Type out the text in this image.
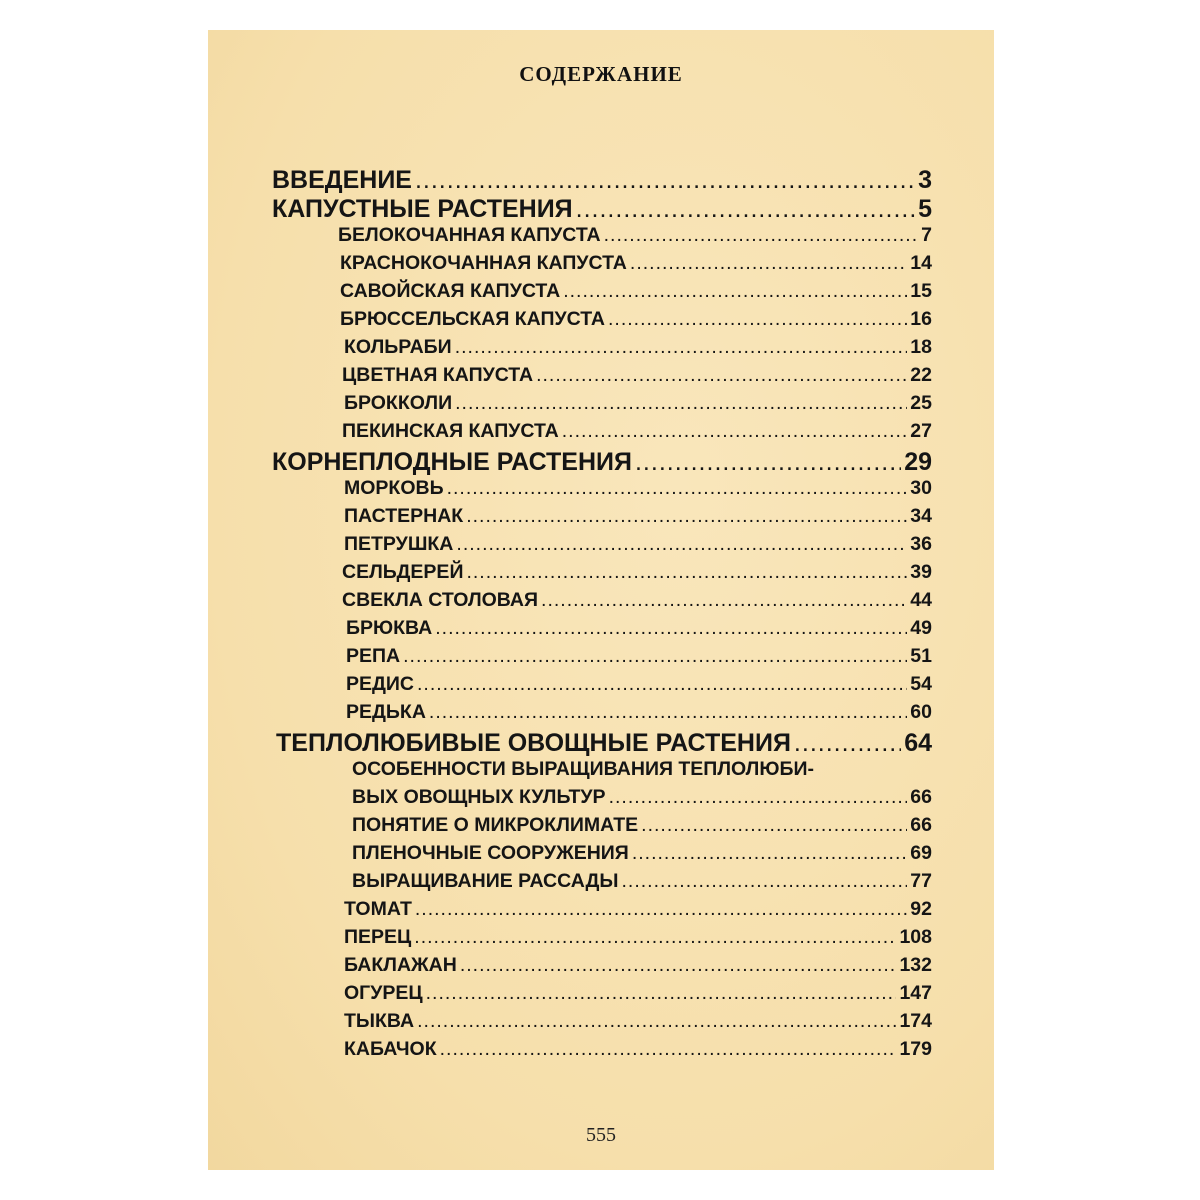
СОДЕРЖАНИЕ
ВВЕДЕНИЕ .....	3
КАПУСТНЫЕ РАСТЕНИЯ .....	5
БЕЛОКОЧАННАЯ КАПУСТА .....	7
КРАСНОКОЧАННАЯ КАПУСТА .....	14
САВОЙСКАЯ КАПУСТА .....	15
БРЮССЕЛЬСКАЯ КАПУСТА .....	16
КОЛЬРАБИ .....	18
ЦВЕТНАЯ КАПУСТА .....	22
БРОККОЛИ .....	25
ПЕКИНСКАЯ КАПУСТА .....	27
КОРНЕПЛОДНЫЕ РАСТЕНИЯ .....	29
МОРКОВЬ .....	30
ПАСТЕРНАК .....	34
ПЕТРУШКА .....	36
СЕЛЬДЕРЕЙ .....	39
СВЕКЛА СТОЛОВАЯ .....	44
БРЮКВА .....	49
РЕПА .....	51
РЕДИС .....	54
РЕДЬКА .....	60
ТЕПЛОЛЮБИВЫЕ ОВОЩНЫЕ РАСТЕНИЯ .....	64
ОСОБЕННОСТИ ВЫРАЩИВАНИЯ ТЕПЛОЛЮБИ-
ВЫХ ОВОЩНЫХ КУЛЬТУР .....	66
ПОНЯТИЕ О МИКРОКЛИМАТЕ .....	66
ПЛЕНОЧНЫЕ СООРУЖЕНИЯ .....	69
ВЫРАЩИВАНИЕ РАССАДЫ .....	77
ТОМАТ .....	92
ПЕРЕЦ .....	108
БАКЛАЖАН .....	132
ОГУРЕЦ .....	147
ТЫКВА .....	174
КАБАЧОК .....	179
555
